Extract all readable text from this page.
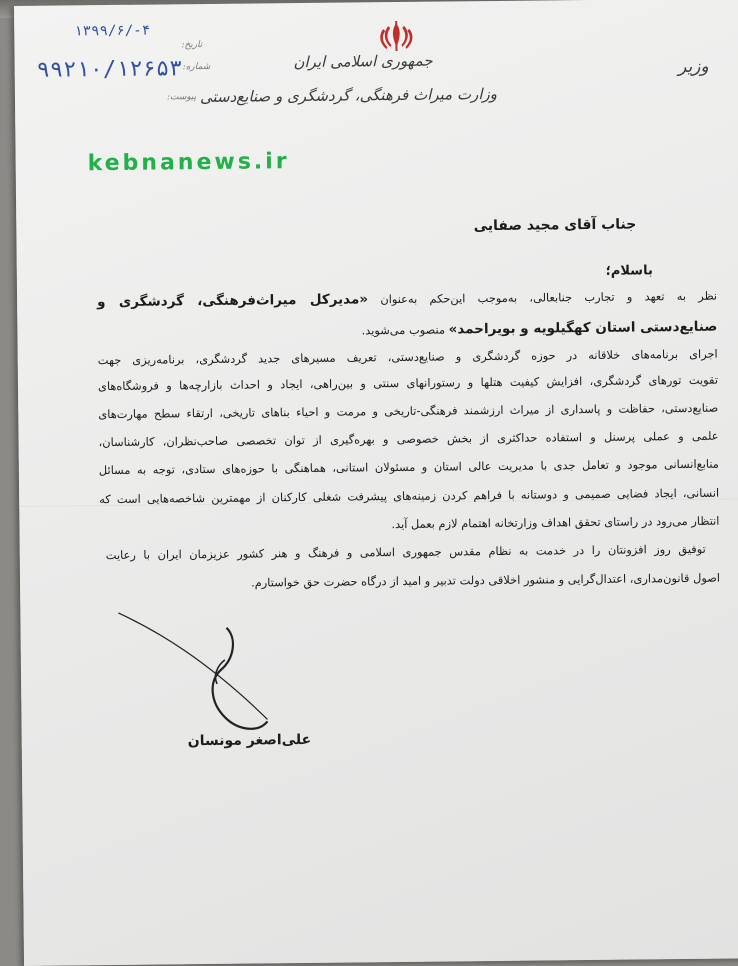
جمهوری اسلامی ایران
وزارت میراث فرهنگی، گردشگری و صنایع‌دستی
وزیر
تاریخ:
شماره:
پیوست:
۱۳۹۹/۶/-۴
۹۹۲۱۰/۱۲۶۵۳
kebnanews.ir
جناب آقای مجید صفایی
باسلام؛
نظر به تعهد و تجارب جنابعالی، به‌موجب این‌حکم به‌عنوان «مدیرکل میراث‌فرهنگی، گردشگری و
صنایع‌دستی استان کهگیلویه و بویراحمد» منصوب می‌شوید.
اجرای برنامه‌های خلاقانه در حوزه گردشگری و صنایع‌دستی، تعریف مسیرهای جدید گردشگری، برنامه‌ریزی جهت
تقویت تورهای گردشگری، افزایش کیفیت هتلها و رستورانهای سنتی و بین‌راهی، ایجاد و احداث بازارچه‌ها و فروشگاه‌های
صنایع‌دستی، حفاظت و پاسداری از میراث ارزشمند فرهنگی-تاریخی و مرمت و احیاء بناهای تاریخی، ارتقاء سطح مهارت‌های
علمی و عملی پرسنل و استفاده حداکثری از بخش خصوصی و بهره‌گیری از توان تخصصی صاحب‌نظران، کارشناسان،
منابع‌انسانی موجود و تعامل جدی با مدیریت عالی استان و مسئولان استانی، هماهنگی با حوزه‌های ستادی، توجه به مسائل
انسانی، ایجاد فضایی صمیمی و دوستانه با فراهم کردن زمینه‌های پیشرفت شغلی کارکنان از مهمترین شاخصه‌هایی است که
انتظار می‌رود در راستای تحقق اهداف وزارتخانه اهتمام لازم بعمل آید.
توفیق روز افزونتان را در خدمت به نظام مقدس جمهوری اسلامی و فرهنگ و هنر کشور عزیزمان ایران با رعایت
اصول قانون‌مداری، اعتدال‌گرایی و منشور اخلاقی دولت تدبیر و امید از درگاه حضرت حق خواستارم.
علی‌اصغر مونسان
